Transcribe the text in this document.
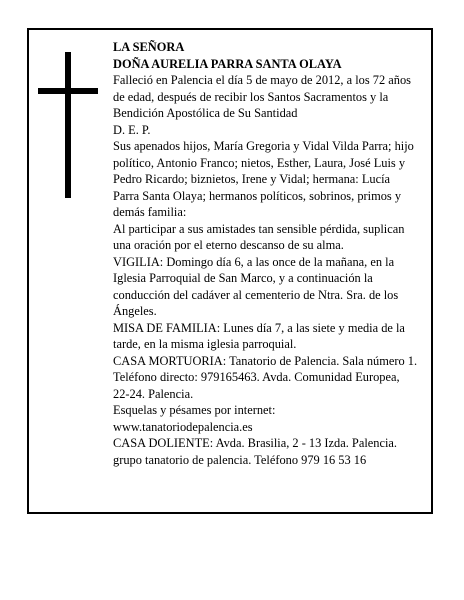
LA SEÑORA

DOÑA AURELIA PARRA SANTA OLAYA

Falleció en Palencia el día 5 de mayo de 2012, a los 72 años de edad, después de recibir los Santos Sacramentos y la Bendición Apostólica de Su Santidad

D. E. P.

Sus apenados hijos, María Gregoria y Vidal Vilda Parra; hijo político, Antonio Franco; nietos, Esther, Laura, José Luis y Pedro Ricardo; biznietos, Irene y Vidal; hermana: Lucía Parra Santa Olaya; hermanos políticos, sobrinos, primos y demás familia:

Al participar a sus amistades tan sensible pérdida, suplican una oración por el eterno descanso de su alma.

VIGILIA: Domingo día 6, a las once de la mañana, en la Iglesia Parroquial de San Marco, y a continuación la conducción del cadáver al cementerio de Ntra. Sra. de los Ángeles.

MISA DE FAMILIA: Lunes día 7, a las siete y media de la tarde, en la misma iglesia parroquial.

CASA MORTUORIA: Tanatorio de Palencia. Sala número 1. Teléfono directo: 979165463. Avda. Comunidad Europea, 22-24. Palencia.

Esquelas y pésames por internet:

www.tanatoriodepalencia.es

CASA DOLIENTE: Avda. Brasilia, 2 - 13 Izda. Palencia.

grupo tanatorio de palencia. Teléfono 979 16 53 16
